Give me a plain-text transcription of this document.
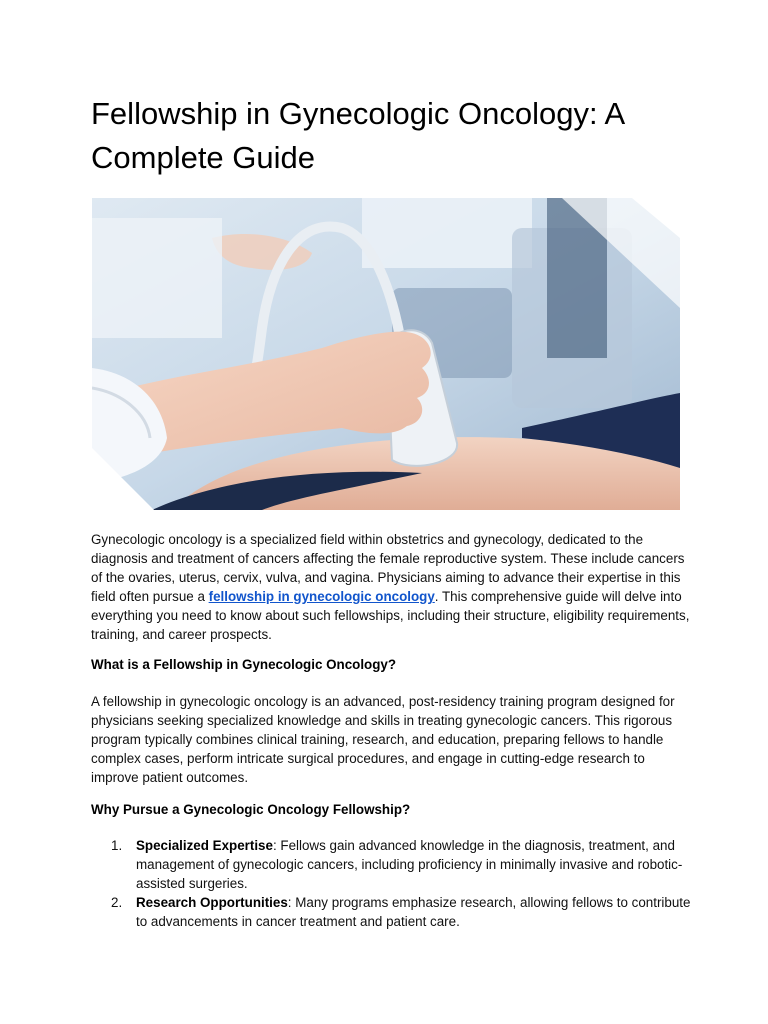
Fellowship in Gynecologic Oncology: A Complete Guide

Gynecologic oncology is a specialized field within obstetrics and gynecology, dedicated to the diagnosis and treatment of cancers affecting the female reproductive system. These include cancers of the ovaries, uterus, cervix, vulva, and vagina. Physicians aiming to advance their expertise in this field often pursue a fellowship in gynecologic oncology. This comprehensive guide will delve into everything you need to know about such fellowships, including their structure, eligibility requirements, training, and career prospects.

What is a Fellowship in Gynecologic Oncology?

A fellowship in gynecologic oncology is an advanced, post-residency training program designed for physicians seeking specialized knowledge and skills in treating gynecologic cancers. This rigorous program typically combines clinical training, research, and education, preparing fellows to handle complex cases, perform intricate surgical procedures, and engage in cutting-edge research to improve patient outcomes.

Why Pursue a Gynecologic Oncology Fellowship?
1. Specialized Expertise: Fellows gain advanced knowledge in the diagnosis, treatment, and management of gynecologic cancers, including proficiency in minimally invasive and robotic-assisted surgeries.
2. Research Opportunities: Many programs emphasize research, allowing fellows to contribute to advancements in cancer treatment and patient care.
